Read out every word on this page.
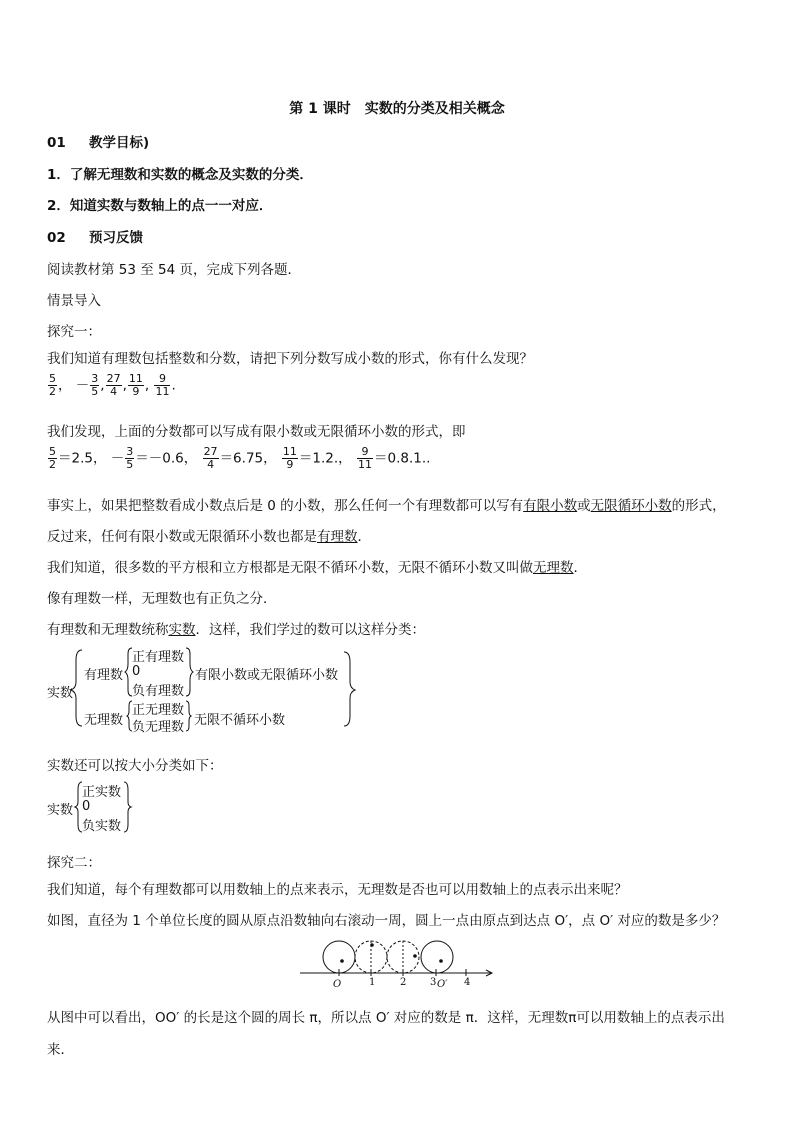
第 1 课时　实数的分类及相关概念
01 教学目标)
1．了解无理数和实数的概念及实数的分类．
2．知道实数与数轴上的点一一对应．
02 预习反馈
阅读教材第 53 至 54 页，完成下列各题．
情景导入
探究一：
我们知道有理数包括整数和分数，请把下列分数写成小数的形式，你有什么发现？
$\frac{5}{2}$ ， － $\frac{3}{5}$ , $\frac{27}{4}$ , $\frac{11}{9}$ , $\frac{9}{11}$ .
我们发现，上面的分数都可以写成有限小数或无限循环小数的形式，即
$\frac{5}{2} =2.5$， － $\frac{3}{5} =-0.6$， $\frac{27}{4} =6.75$， $\frac{11}{9} =1.2$.， $\frac{9}{11} =0.8.1$..
事实上，如果把整数看成小数点后是 0 的小数，那么任何一个有理数都可以写有有限小数或无限循环小数的形式，
反过来，任何有限小数或无限循环小数也都是有理数．
我们知道，很多数的平方根和立方根都是无限不循环小数，无限不循环小数又叫做无理数．
像有理数一样，无理数也有正负之分．
有理数和无理数统称实数．这样，我们学过的数可以这样分类：
实数
有理数
正有理数
0
负有理数
有限小数或无限循环小数
无理数
正无理数
负无理数 无限不循环小数
实数还可以按大小分类如下：
实数
正实数
0
负实数
探究二：
我们知道，每个有理数都可以用数轴上的点来表示，无理数是否也可以用数轴上的点表示出来呢？
如图，直径为 1 个单位长度的圆从原点沿数轴向右滚动一周，圆上一点由原点到达点 O′，点 O′ 对应的数是多少？
O	1 2 3 O′ 4
从图中可以看出，OO′ 的长是这个圆的周长 π，所以点 O′ 对应的数是 π．这样，无理数π可以用数轴上的点表示出
来．
